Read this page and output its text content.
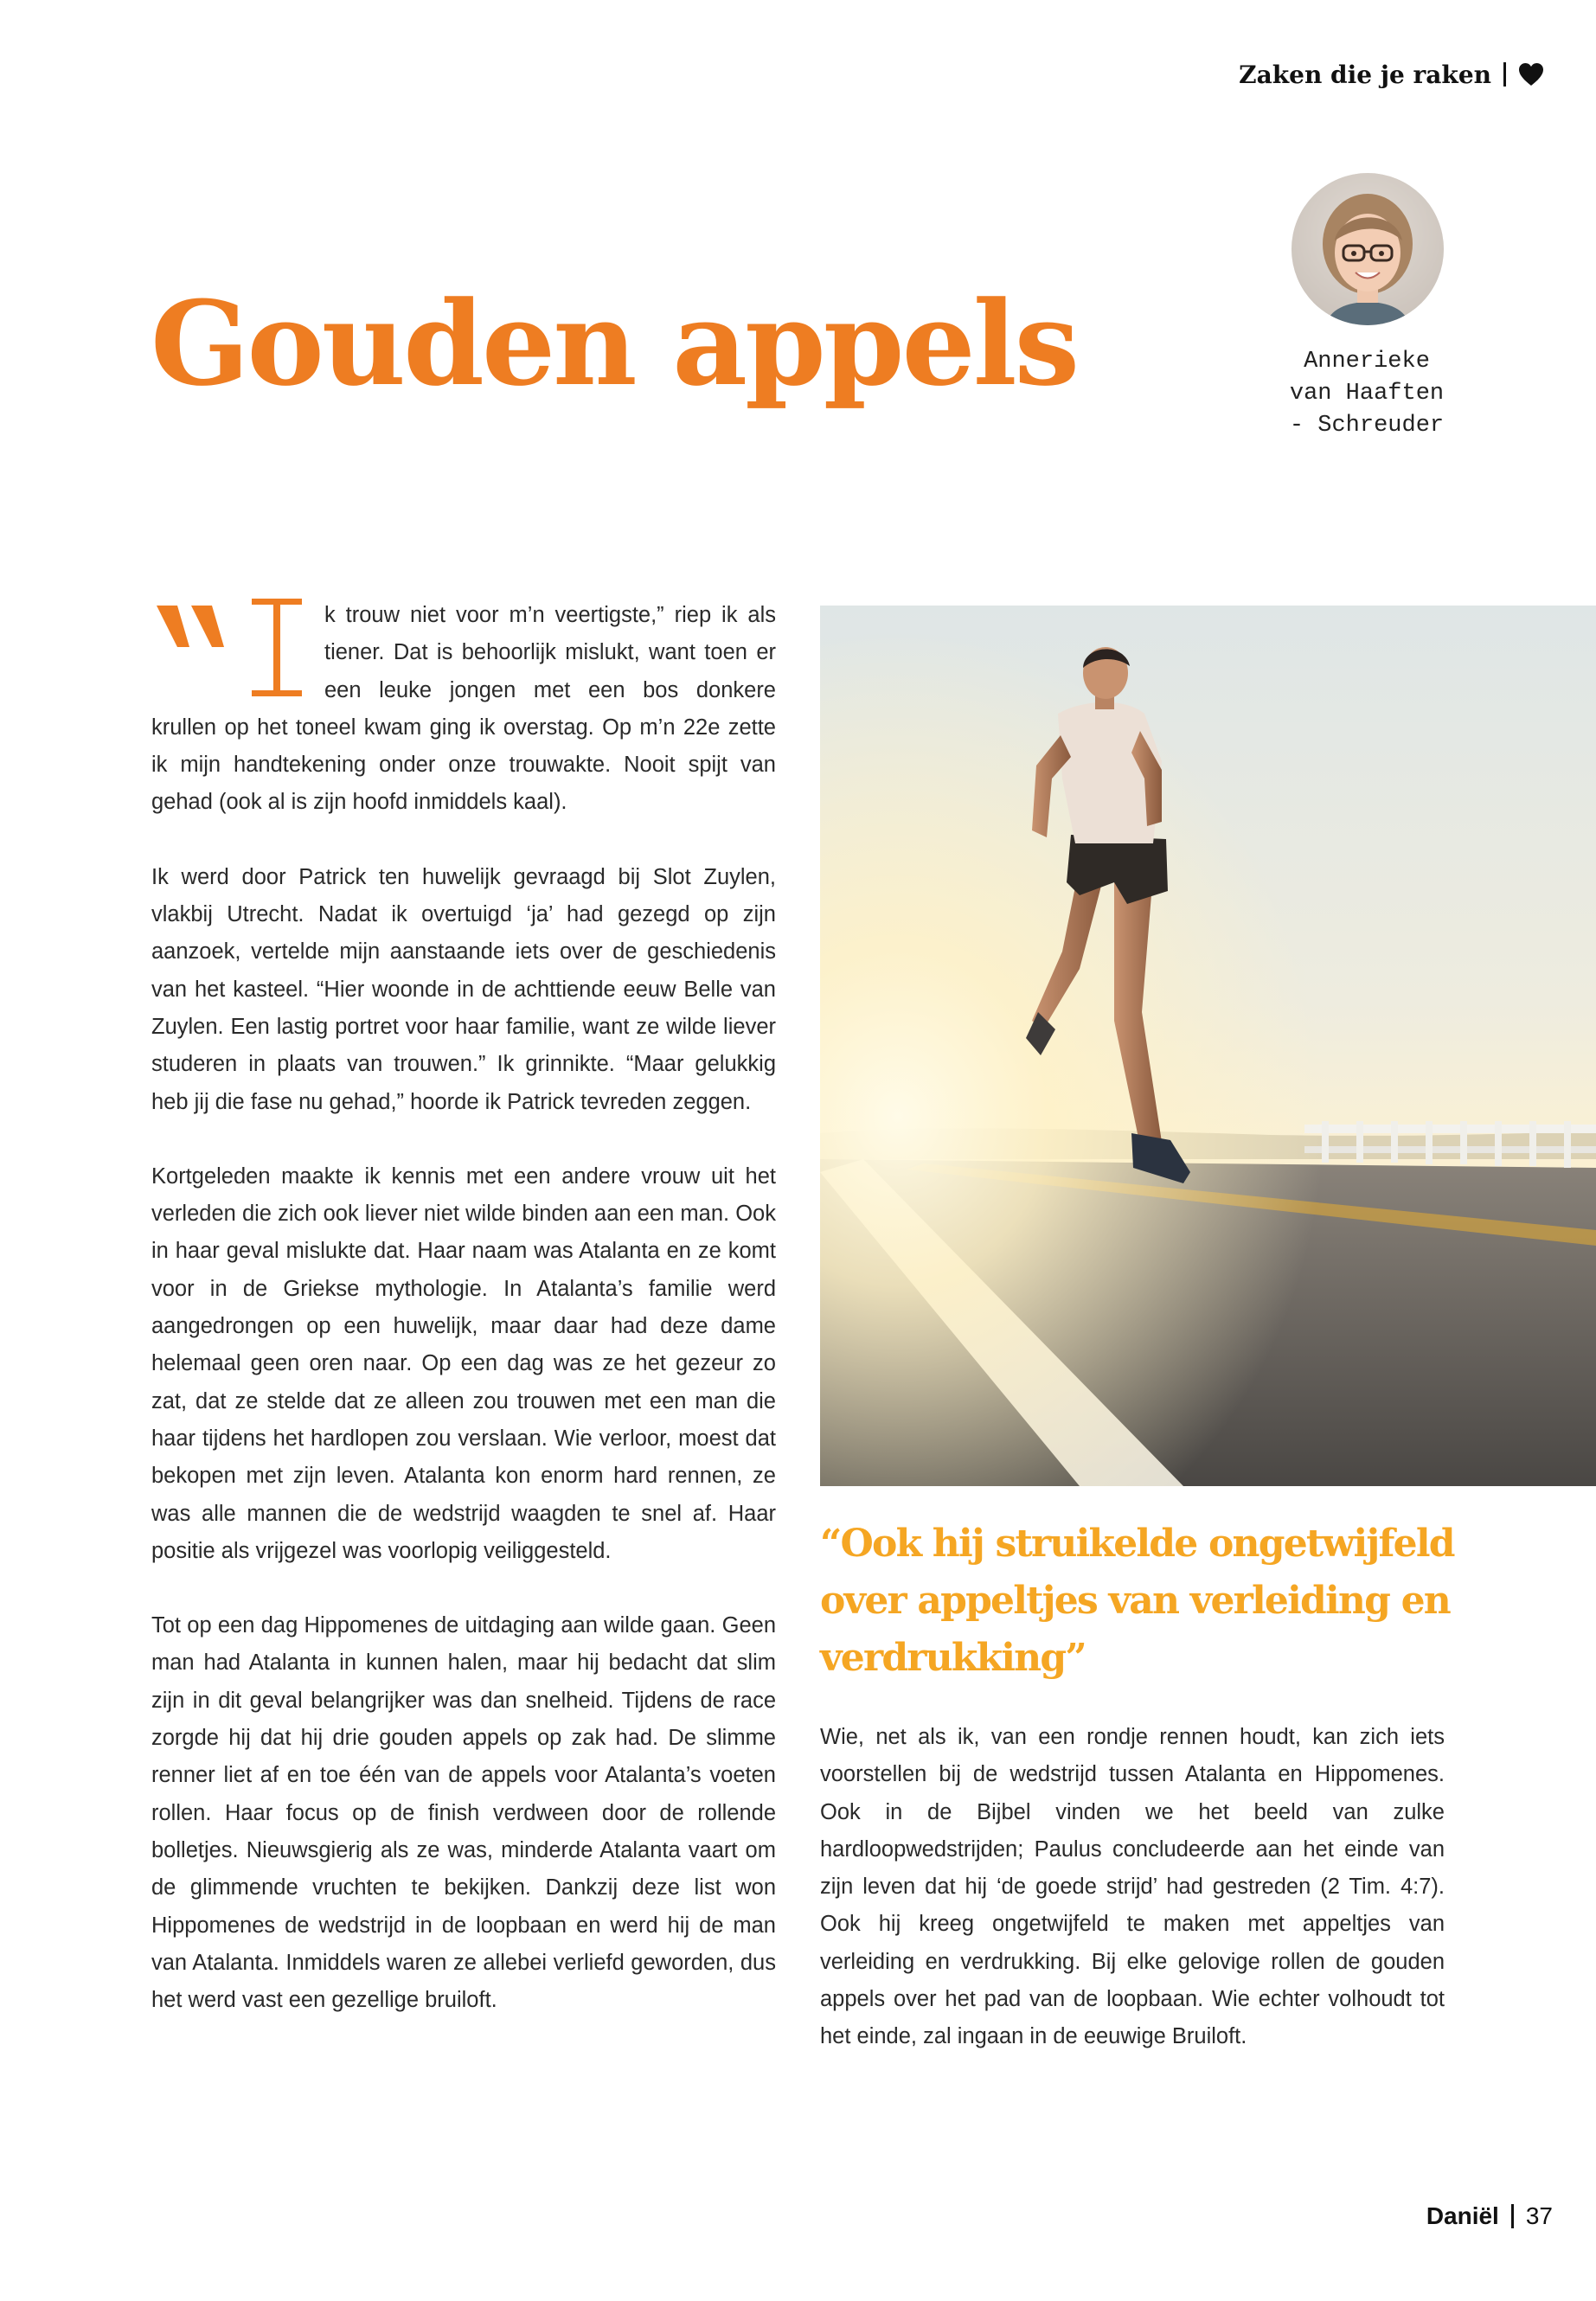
Zaken die je raken
Gouden appels	Annerieke
van Haaften
- Schreuder

k trouw niet voor m’n veertigste,” riep ik als tiener. Dat is behoorlijk mislukt, want toen er een leuke jongen met een bos donkere krullen op het toneel kwam ging ik overstag. Op m’n 22e zette ik mijn handtekening onder onze trouwakte. Nooit spijt van gehad (ook al is zijn hoofd inmiddels kaal).

Ik werd door Patrick ten huwelijk gevraagd bij Slot Zuylen, vlakbij Utrecht. Nadat ik overtuigd ‘ja’ had gezegd op zijn aanzoek, vertelde mijn aanstaande iets over de geschiedenis van het kasteel. “Hier woonde in de achttiende eeuw Belle van Zuylen. Een lastig portret voor haar familie, want ze wilde liever studeren in plaats van trouwen.” Ik grinnikte. “Maar gelukkig heb jij die fase nu gehad,” hoorde ik Patrick tevreden zeggen.

Kortgeleden maakte ik kennis met een andere vrouw uit het verleden die zich ook liever niet wilde binden aan een man. Ook in haar geval mislukte dat. Haar naam was Atalanta en ze komt voor in de Griekse mythologie. In Atalanta’s familie werd aangedrongen op een huwelijk, maar daar had deze dame helemaal geen oren naar. Op een dag was ze het gezeur zo zat, dat ze stelde dat ze alleen zou trouwen met een man die haar tijdens het hardlopen zou verslaan. Wie verloor, moest dat bekopen met zijn leven. Atalanta kon enorm hard rennen, ze was alle mannen die de wedstrijd waagden te snel af. Haar positie als vrijgezel was voorlopig veiliggesteld.

Tot op een dag Hippomenes de uitdaging aan wilde gaan. Geen man had Atalanta in kunnen halen, maar hij bedacht dat slim zijn in dit geval belangrijker was dan snelheid. Tijdens de race zorgde hij dat hij drie gouden appels op zak had. De slimme renner liet af en toe één van de appels voor Atalanta’s voeten rollen. Haar focus op de finish verdween door de rollende bolletjes. Nieuwsgierig als ze was, minderde Atalanta vaart om de glimmende vruchten te bekijken. Dankzij deze list won Hippomenes de wedstrijd in de loopbaan en werd hij de man van Atalanta. Inmiddels waren ze allebei verliefd geworden, dus het werd vast een gezellige bruiloft.

“Ook hij struikelde ongetwijfeld over appeltjes van verleiding en verdrukking”

Wie, net als ik, van een rondje rennen houdt, kan zich iets voorstellen bij de wedstrijd tussen Atalanta en Hippomenes. Ook in de Bijbel vinden we het beeld van zulke hardloopwedstrijden; Paulus concludeerde aan het einde van zijn leven dat hij ‘de goede strijd’ had gestreden (2 Tim. 4:7). Ook hij kreeg ongetwijfeld te maken met appeltjes van verleiding en verdrukking. Bij elke gelovige rollen de gouden appels over het pad van de loopbaan. Wie echter volhoudt tot het einde, zal ingaan in de eeuwige Bruiloft.

Daniël 37
